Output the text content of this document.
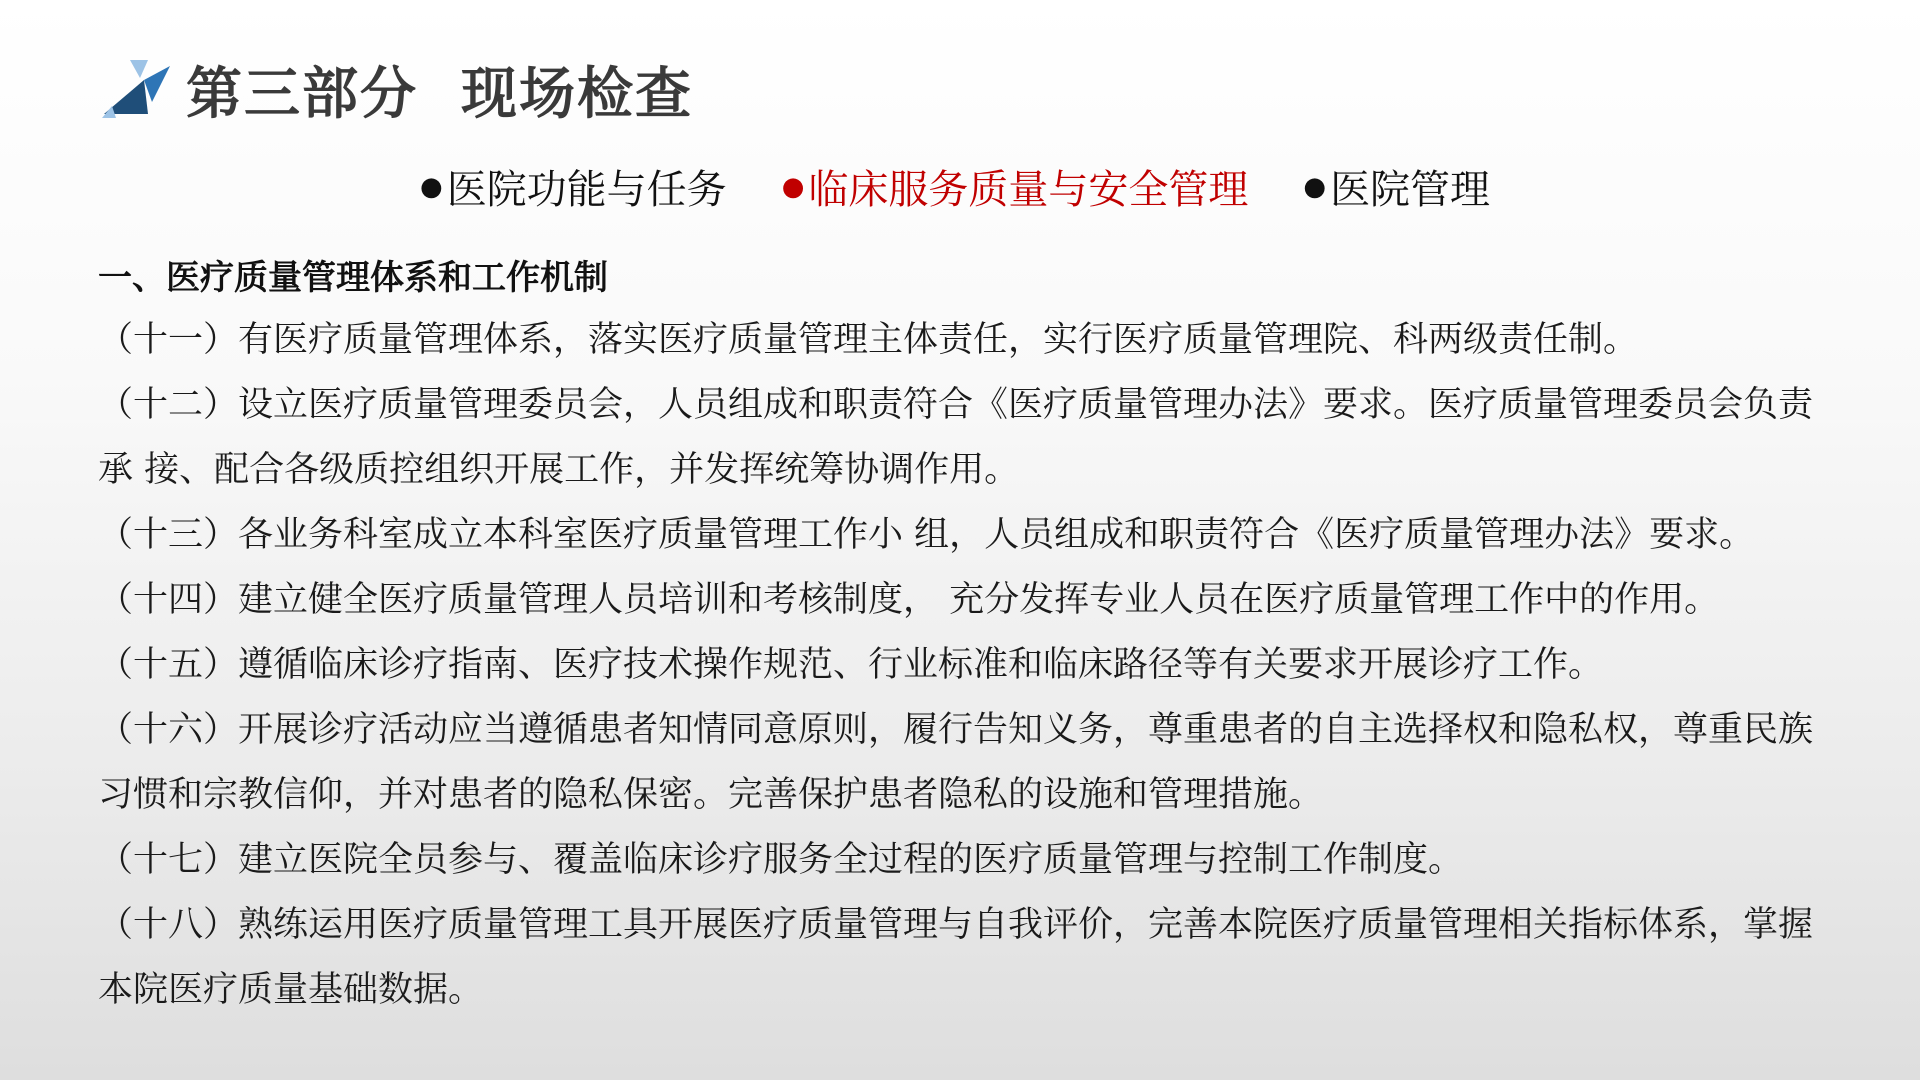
第三部分  现场检查
● 医院功能与任务 ● 临床服务质量与安全管理 ● 医院管理

一、医疗质量管理体系和工作机制

（十一）有医疗质量管理体系，落实医疗质量管理主体责任，实行医疗质量管理院、科两级责任制。

（十二）设立医疗质量管理委员会，人员组成和职责符合《医疗质量管理办法》要求。医疗质量管理委员会负责承 接、配合各级质控组织开展工作，并发挥统筹协调作用。

（十三）各业务科室成立本科室医疗质量管理工作小 组，人员组成和职责符合《医疗质量管理办法》要求。

（十四）建立健全医疗质量管理人员培训和考核制度， 充分发挥专业人员在医疗质量管理工作中的作用。

（十五）遵循临床诊疗指南、医疗技术操作规范、行业标准和临床路径等有关要求开展诊疗工作。

（十六）开展诊疗活动应当遵循患者知情同意原则，履行告知义务，尊重患者的自主选择权和隐私权，尊重民族习惯和宗教信仰，并对患者的隐私保密。完善保护患者隐私的设施和管理措施。

（十七）建立医院全员参与、覆盖临床诊疗服务全过程的医疗质量管理与控制工作制度。

（十八）熟练运用医疗质量管理工具开展医疗质量管理与自我评价，完善本院医疗质量管理相关指标体系，掌握本院医疗质量基础数据。
